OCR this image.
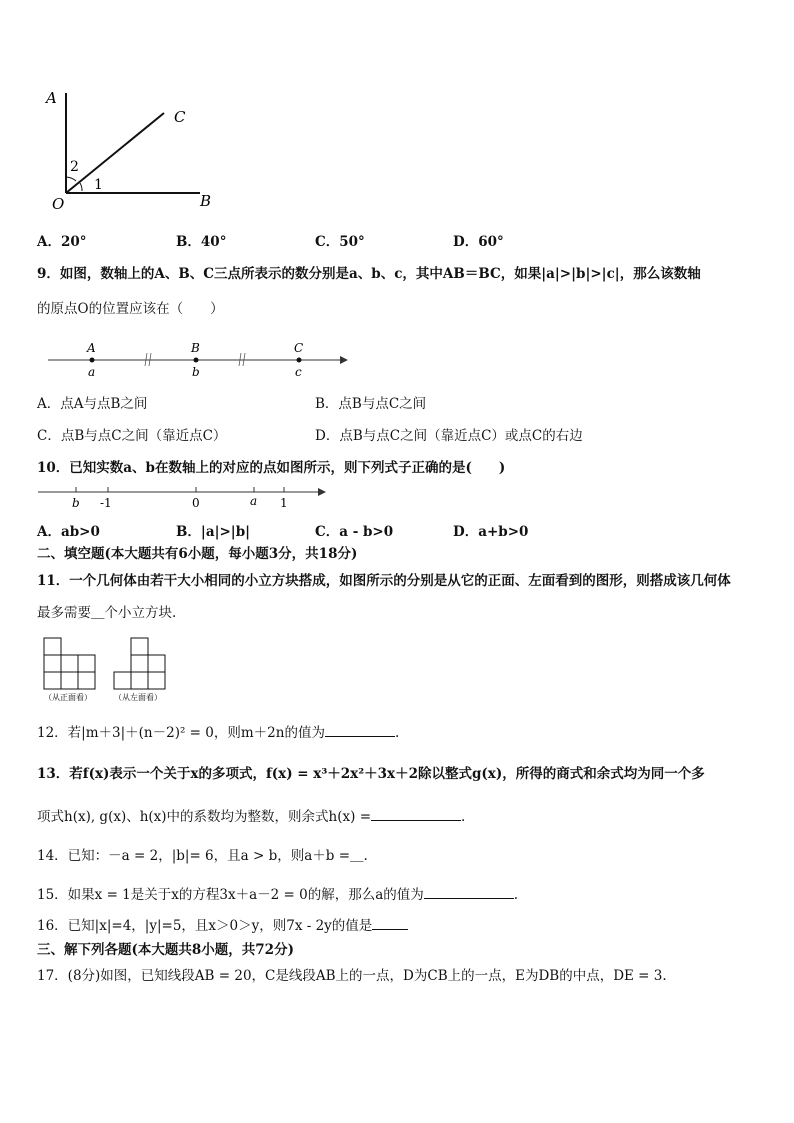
A
C
O	B
2
1
A．20°	B．40°	C．50°	D．60°
9．如图，数轴上的A、B、C三点所表示的数分别是a、b、c，其中AB＝BC，如果|a|>|b|>|c|，那么该数轴
的原点O的位置应该在（　　）
A	B	C
a	b	c
A．点A与点B之间	B．点B与点C之间
C．点B与点C之间（靠近点C）	D．点B与点C之间（靠近点C）或点C的右边
10．已知实数a、b在数轴上的对应的点如图所示，则下列式子正确的是(　　)
b -1	0	a 1
A．ab>0	B．|a|>|b|	C．a - b>0	D．a+b>0
二、填空题(本大题共有6小题，每小题3分，共18分)
11．一个几何体由若干大小相同的小立方块搭成，如图所示的分别是从它的正面、左面看到的图形，则搭成该几何体
最多需要＿个小立方块.
（从正面看）	（从左面看）
12．若|m＋3|＋(n－2)² = 0，则m＋2n的值为	.
13．若f(x)表示一个关于x的多项式，f(x) = x³＋2x²＋3x＋2除以整式g(x)，所得的商式和余式均为同一个多
项式h(x), g(x)、h(x)中的系数均为整数，则余式h(x) =	.
14．已知：－a = 2，|b|= 6，且a > b，则a＋b =＿.
15．如果x = 1是关于x的方程3x＋a－2 = 0的解，那么a的值为	.
16．已知|x|=4，|y|=5，且x＞0＞y，则7x - 2y的值是
三、解下列各题(本大题共8小题，共72分)
17．(8分)如图，已知线段AB = 20，C是线段AB上的一点，D为CB上的一点，E为DB的中点，DE = 3.
